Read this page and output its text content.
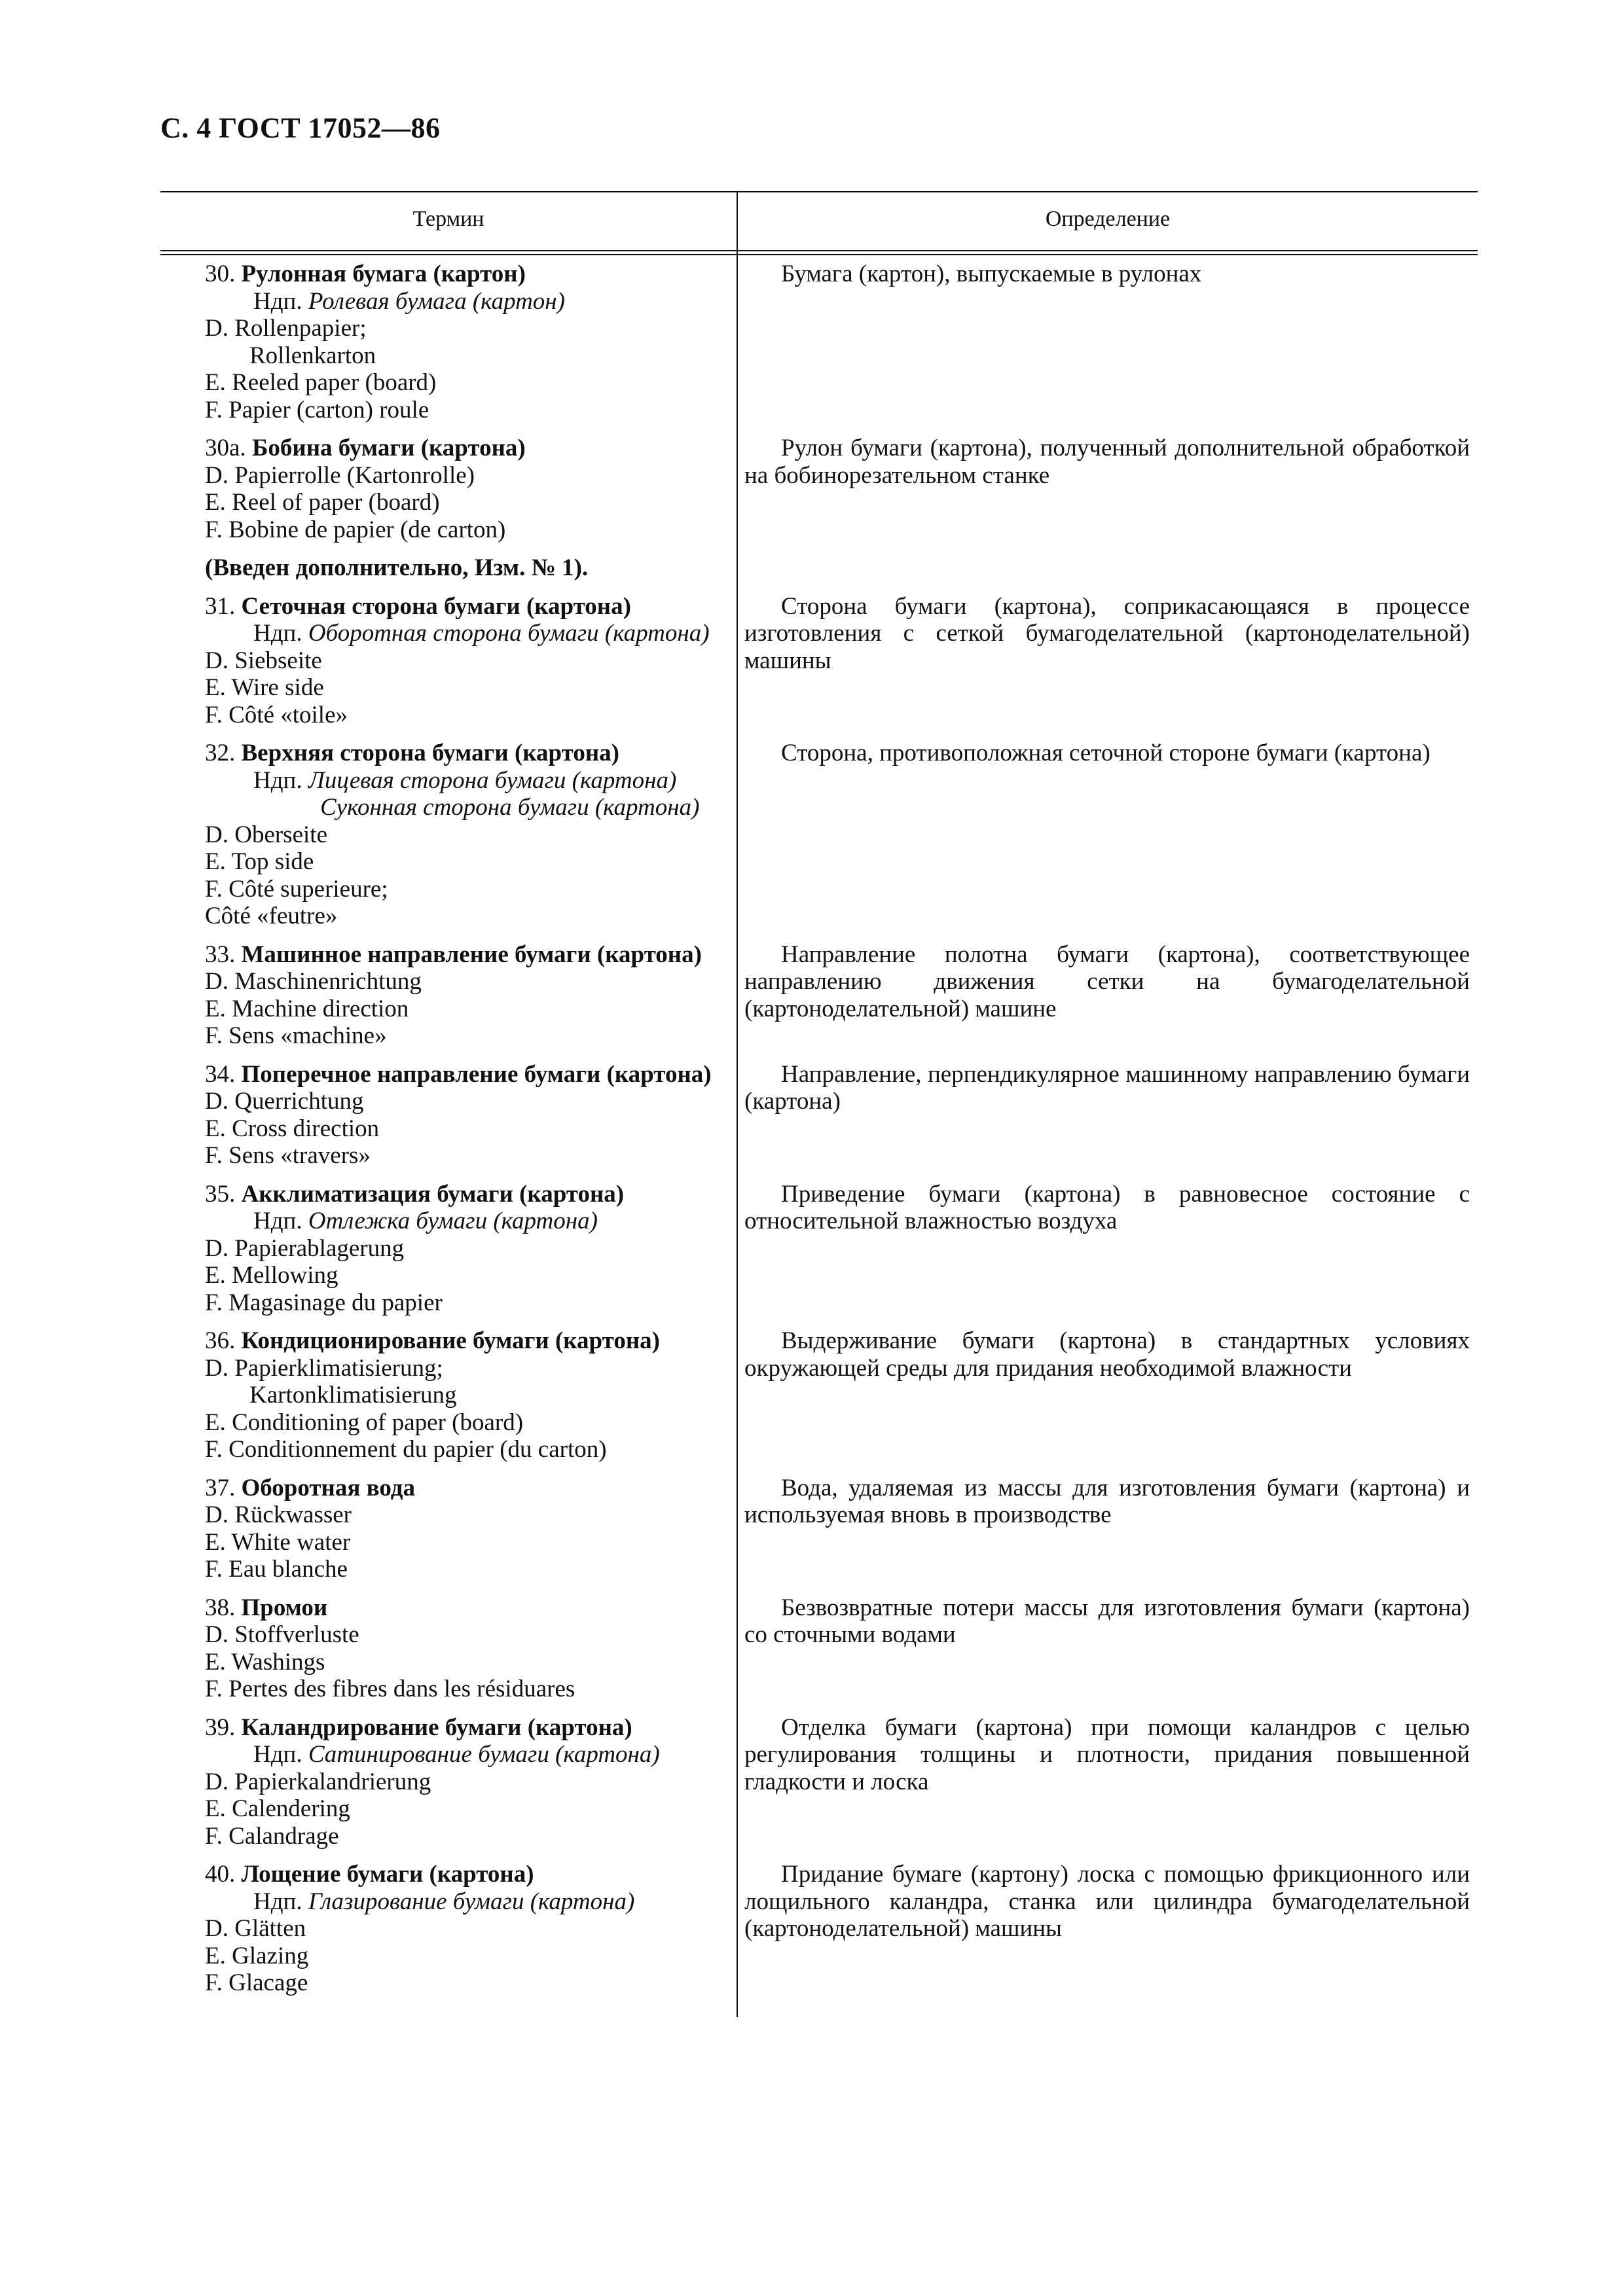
С. 4 ГОСТ 17052—86
Термин	Определение
30. Рулонная бумага (картон)
Ндп. Ролевая бумага (картон)
D. Rollenpapier;
Rollenkarton
E. Reeled paper (board)
F. Papier (carton) roule

Бумага (картон), выпускаемые в рулонах

30а. Бобина бумаги (картона)
D. Papierrolle (Kartonrolle)
E. Reel of paper (board)
F. Bobine de papier (de carton)

Рулон бумаги (картона), полученный дополнительной обработкой на бобинорезательном станке

(Введен дополнительно, Изм. № 1).
31. Сеточная сторона бумаги (картона)
Ндп. Оборотная сторона бумаги (картона)
D. Siebseite
E. Wire side
F. Côté «toile»

Сторона бумаги (картона), соприкасающаяся в процессе изготовления с сеткой бумагоделательной (картоноделательной) машины

32. Верхняя сторона бумаги (картона)
Ндп. Лицевая сторона бумаги (картона)
Суконная сторона бумаги (картона)
D. Oberseite
E. Top side
F. Côté superieure;
Côté «feutre»

Сторона, противоположная сеточной стороне бумаги (картона)

33. Машинное направление бумаги (картона)
D. Maschinenrichtung
E. Machine direction
F. Sens «machine»

Направление полотна бумаги (картона), соответствующее направлению движения сетки на бумагоделательной (картоноделательной) машине

34. Поперечное направление бумаги (картона)
D. Querrichtung
E. Cross direction
F. Sens «travers»

Направление, перпендикулярное машинному направлению бумаги (картона)

35. Акклиматизация бумаги (картона)
Ндп. Отлежка бумаги (картона)
D. Papierablagerung
E. Mellowing
F. Magasinage du papier

Приведение бумаги (картона) в равновесное состояние с относительной влажностью воздуха

36. Кондиционирование бумаги (картона)
D. Papierklimatisierung;
Kartonklimatisierung
E. Conditioning of paper (board)
F. Conditionnement du papier (du carton)

Выдерживание бумаги (картона) в стандартных условиях окружающей среды для придания необходимой влажности

37. Оборотная вода
D. Rückwasser
E. White water
F. Eau blanche

Вода, удаляемая из массы для изготовления бумаги (картона) и используемая вновь в производстве

38. Промои
D. Stoffverluste
E. Washings
F. Pertes des fibres dans les résiduares

Безвозвратные потери массы для изготовления бумаги (картона) со сточными водами

39. Каландрирование бумаги (картона)
Ндп. Сатинирование бумаги (картона)
D. Papierkalandrierung
E. Calendering
F. Calandrage

Отделка бумаги (картона) при помощи каландров с целью регулирования толщины и плотности, придания повышенной гладкости и лоска

40. Лощение бумаги (картона)
Ндп. Глазирование бумаги (картона)
D. Glätten
E. Glazing
F. Glacage

Придание бумаге (картону) лоска с помощью фрикционного или лощильного каландра, станка или цилиндра бумагоделательной (картоноделательной) машины
